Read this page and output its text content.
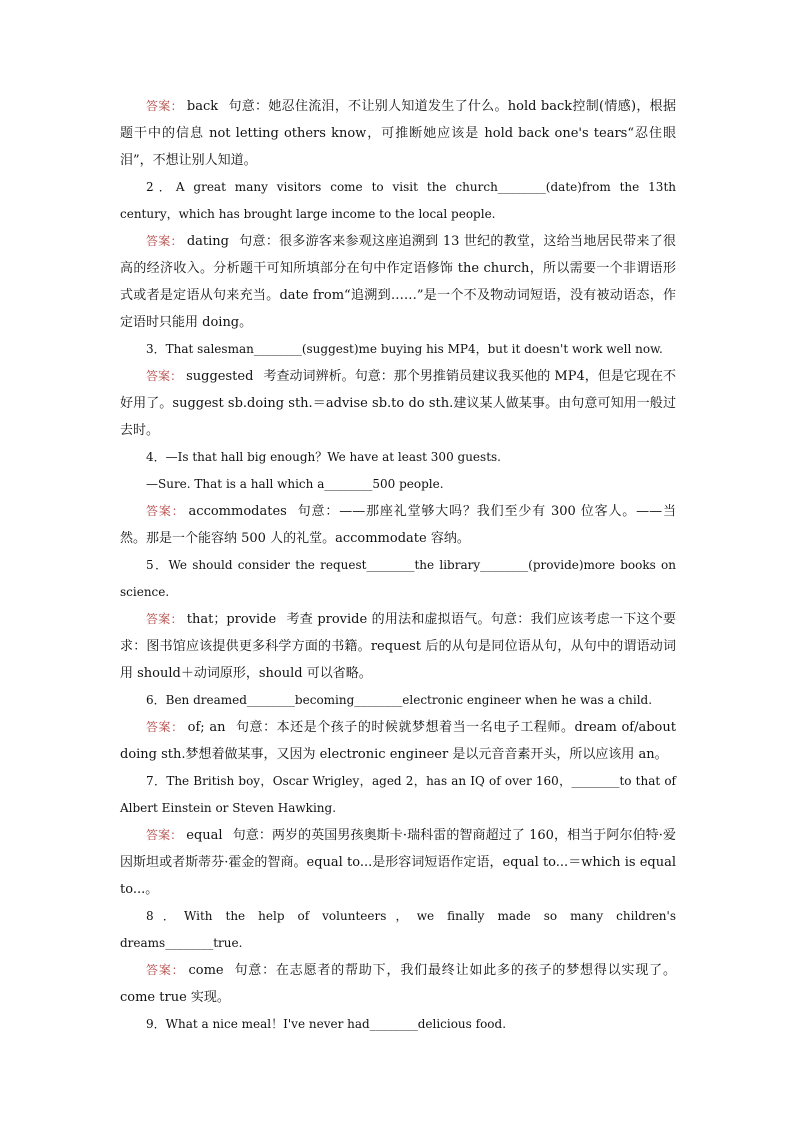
答案： back 句意：她忍住流泪，不让别人知道发生了什么。hold back控制(情感)，根据题干中的信息 not letting others know，可推断她应该是 hold back one's tears“忍住眼泪”，不想让别人知道。

2．A great many visitors come to visit the church________(date)from the 13th century，which has brought large income to the local people.

答案： dating 句意：很多游客来参观这座追溯到 13 世纪的教堂，这给当地居民带来了很高的经济收入。分析题干可知所填部分在句中作定语修饰 the church，所以需要一个非谓语形式或者是定语从句来充当。date from“追溯到……”是一个不及物动词短语，没有被动语态，作定语时只能用 doing。

3．That salesman________(suggest)me buying his MP4，but it doesn't work well now.

答案： suggested 考查动词辨析。句意：那个男推销员建议我买他的 MP4，但是它现在不好用了。suggest sb.doing sth.＝advise sb.to do sth.建议某人做某事。由句意可知用一般过去时。

4．—Is that hall big enough？We have at least 300 guests.

—Sure. That is a hall which a________500 people.

答案： accommodates 句意：——那座礼堂够大吗？我们至少有 300 位客人。——当然。那是一个能容纳 500 人的礼堂。accommodate 容纳。

5．We should consider the request________the library________(provide)more books on science.

答案： that；provide 考查 provide 的用法和虚拟语气。句意：我们应该考虑一下这个要求：图书馆应该提供更多科学方面的书籍。request 后的从句是同位语从句，从句中的谓语动词用 should＋动词原形，should 可以省略。

6．Ben dreamed________becoming________electronic engineer when he was a child.

答案： of; an 句意：本还是个孩子的时候就梦想着当一名电子工程师。dream of/about doing sth.梦想着做某事，又因为 electronic engineer 是以元音音素开头，所以应该用 an。

7．The British boy，Oscar Wrigley，aged 2，has an IQ of over 160，________to that of Albert Einstein or Steven Hawking.

答案： equal 句意：两岁的英国男孩奥斯卡·瑞科雷的智商超过了 160，相当于阿尔伯特·爱因斯坦或者斯蒂芬·霍金的智商。equal to...是形容词短语作定语，equal to...＝which is equal to...。

8．With the help of volunteers，we finally made so many children's dreams________true.

答案： come 句意：在志愿者的帮助下，我们最终让如此多的孩子的梦想得以实现了。come true 实现。

9．What a nice meal！I've never had________delicious food.
